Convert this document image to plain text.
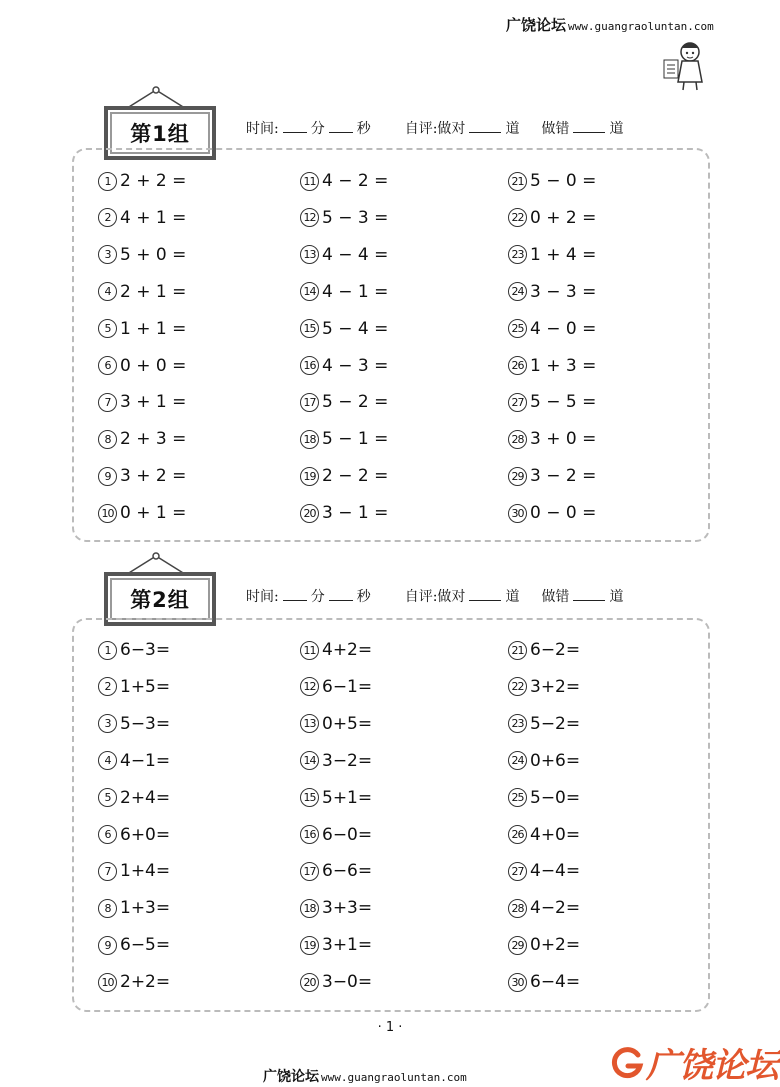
广饶论坛 www.guangraoluntan.com
第1组	时间: 分 秒 自评:做对	道 做错	道
1 2 + 2 =
2 4 + 1 =
3 5 + 0 =
4 2 + 1 =
5 1 + 1 =
6 0 + 0 =
7 3 + 1 =
8 2 + 3 =
9 3 + 2 =
10 0 + 1 =
11 4 − 2 =
12 5 − 3 =
13 4 − 4 =
14 4 − 1 =
15 5 − 4 =
16 4 − 3 =
17 5 − 2 =
18 5 − 1 =
19 2 − 2 =
20 3 − 1 =
21 5 − 0 =
22 0 + 2 =
23 1 + 4 =
24 3 − 3 =
25 4 − 0 =
26 1 + 3 =
27 5 − 5 =
28 3 + 0 =
29 3 − 2 =
30 0 − 0 =
第2组	时间: 分 秒 自评:做对	道 做错	道
1 6−3=
2 1+5=
3 5−3=
4 4−1=
5 2+4=
6 6+0=
7 1+4=
8 1+3=
9 6−5=
10 2+2=
11 4+2=
12 6−1=
13 0+5=
14 3−2=
15 5+1=
16 6−0=
17 6−6=
18 3+3=
19 3+1=
20 3−0=
21 6−2=
22 3+2=
23 5−2=
24 0+6=
25 5−0=
26 4+0=
27 4−4=
28 4−2=
29 0+2=
30 6−4=
· 1 ·
广饶论坛 www.guangraoluntan.com	广饶论坛
